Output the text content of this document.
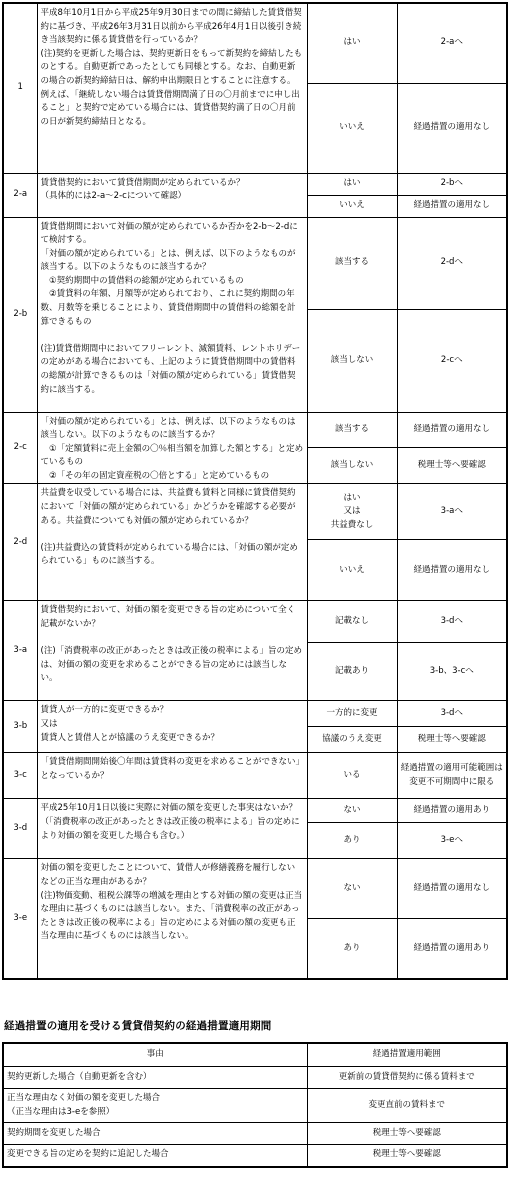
1	平成8年10月1日から平成25年9月30日までの間に締結した賃貸借契約に基づき、平成26年3月31日以前から平成26年4月1日以後引き続き当該契約に係る賃貸借を行っているか？
(注)契約を更新した場合は、契約更新日をもって新契約を締結したものとする。自動更新であったとしても同様とする。なお、自動更新の場合の新契約締結日は、解約申出期限日とすることに注意する。例えば、「継続しない場合は賃貸借期間満了日の〇月前までに申し出ること」と契約で定めている場合には、賃貸借契約満了日の〇月前の日が新契約締結日となる。	はい	2-aへ
		いいえ	経過措置の適用なし
2-a	賃貸借契約において賃貸借期間が定められているか？
（具体的には2-a～2-cについて確認）	はい	2-bへ
		いいえ	経過措置の適用なし
2-b	賃貸借期間において対価の額が定められているか否かを2-b～2-dにて検討する。
「対価の額が定められている」とは、例えば、以下のようなものが該当する。以下のようなものに該当するか？
　①契約期間中の賃借料の総額が定められているもの
　②賃貸料の年額、月額等が定められており、これに契約期間の年数、月数等を乗じることにより、賃貸借期間中の賃借料の総額を計算できるもの

(注)賃貸借期間中においてフリーレント、減額賃料、レントホリデーの定めがある場合においても、上記のように賃貸借期間中の賃借料の総額が計算できるものは「対価の額が定められている」賃貸借契約に該当する。	該当する	2-dへ
		該当しない	2-cへ
2-c	「対価の額が定められている」とは、例えば、以下のようなものは該当しない。以下のようなものに該当するか？
　①「定額賃料に売上金額の〇％相当額を加算した額とする」と定めているもの
　②「その年の固定資産税の〇倍とする」と定めているもの	該当する	経過措置の適用なし
		該当しない	税理士等へ要確認
2-d	共益費を収受している場合には、共益費も賃料と同様に賃貸借契約において「対価の額が定められている」かどうかを確認する必要がある。共益費についても対価の額が定められているか？

(注)共益費込の賃貸料が定められている場合には、「対価の額が定められている」ものに該当する。	はい
又は
共益費なし	3-aへ
		いいえ	経過措置の適用なし
3-a	賃貸借契約において、対価の額を変更できる旨の定めについて全く記載がないか？

(注)「消費税率の改正があったときは改正後の税率による」旨の定めは、対価の額の変更を求めることができる旨の定めには該当しない。	記載なし	3-dへ
		記載あり	3-b、3-cへ
3-b	賃貸人が一方的に変更できるか？
又は
賃貸人と賃借人とが協議のうえ変更できるか？	一方的に変更	3-dへ
		協議のうえ変更	税理士等へ要確認
3-c	「賃貸借期間開始後〇年間は賃貸料の変更を求めることができない」となっているか？	いる	経過措置の適用可能範囲は変更不可期間中に限る
3-d	平成25年10月1日以後に実際に対価の額を変更した事実はないか？（「消費税率の改正があったときは改正後の税率による」旨の定めにより対価の額を変更した場合も含む。）	ない	経過措置の適用あり
		あり	3-eへ
3-e	対価の額を変更したことについて、賃借人が修繕義務を履行しないなどの正当な理由があるか？
(注)物価変動、租税公課等の増減を理由とする対価の額の変更は正当な理由に基づくものには該当しない。また、「消費税率の改正があったときは改正後の税率による」旨の定めによる対価の額の変更も正当な理由に基づくものには該当しない。	ない	経過措置の適用なし
		あり	経過措置の適用あり
経過措置の適用を受ける賃貸借契約の経過措置適用期間
事由	経過措置適用範囲
契約更新した場合（自動更新を含む）	更新前の賃貸借契約に係る賃料まで
正当な理由なく対価の額を変更した場合
（正当な理由は3-eを参照）	変更直前の賃料まで
契約期間を変更した場合	税理士等へ要確認
変更できる旨の定めを契約に追記した場合	税理士等へ要確認
